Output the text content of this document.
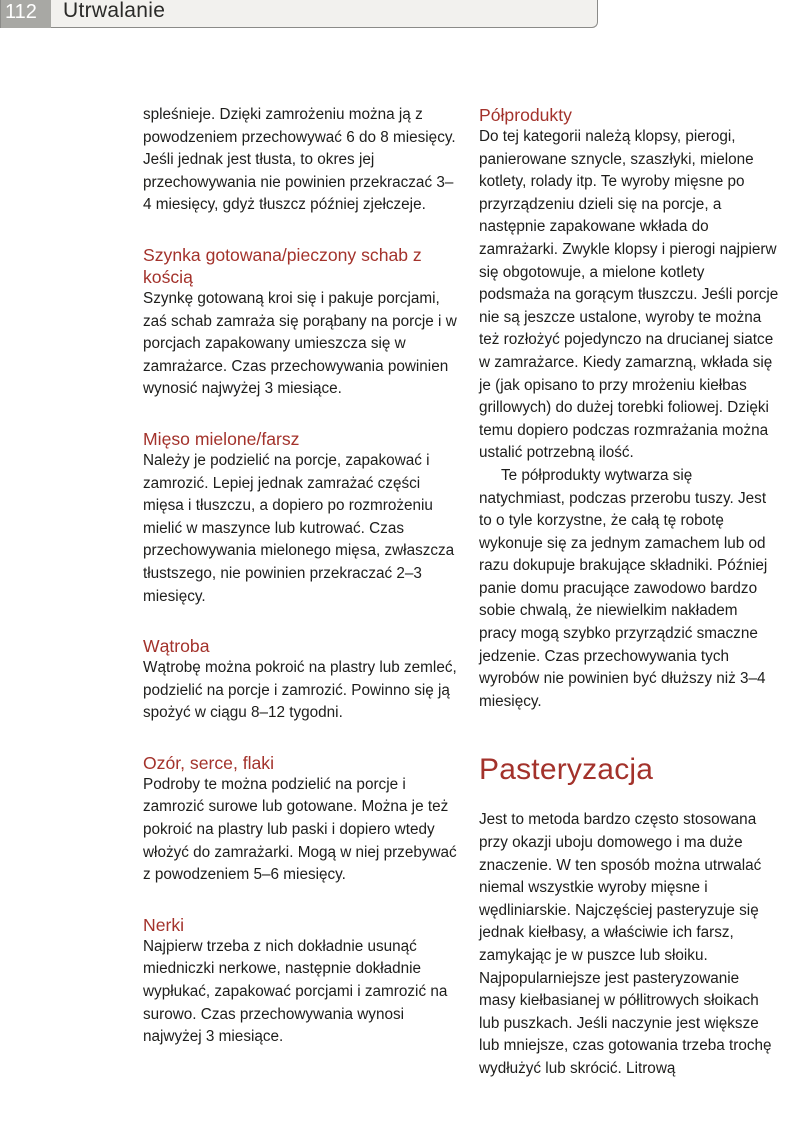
112	Utrwalanie

spleśnieje. Dzięki zamrożeniu można ją z powodzeniem przechowywać 6 do 8 miesięcy. Jeśli jednak jest tłusta, to okres jej przechowywania nie powinien przekraczać 3–4 miesięcy, gdyż tłuszcz później zjełczeje.

Szynka gotowana/pieczony schab z kością

Szynkę gotowaną kroi się i pakuje porcjami, zaś schab zamraża się porąbany na porcje i w porcjach zapakowany umieszcza się w zamrażarce. Czas przechowywania powinien wynosić najwyżej 3 miesiące.

Mięso mielone/farsz

Należy je podzielić na porcje, zapakować i zamrozić. Lepiej jednak zamrażać części mięsa i tłuszczu, a dopiero po rozmrożeniu mielić w maszynce lub kutrować. Czas przechowywania mielonego mięsa, zwłaszcza tłustszego, nie powinien przekraczać 2–3 miesięcy.

Wątroba

Wątrobę można pokroić na plastry lub zemleć, podzielić na porcje i zamrozić. Powinno się ją spożyć w ciągu 8–12 tygodni.

Ozór, serce, flaki

Podroby te można podzielić na porcje i zamrozić surowe lub gotowane. Można je też pokroić na plastry lub paski i dopiero wtedy włożyć do zamrażarki. Mogą w niej przebywać z powodzeniem 5–6 miesięcy.

Nerki

Najpierw trzeba z nich dokładnie usunąć miedniczki nerkowe, następnie dokładnie wypłukać, zapakować porcjami i zamrozić na surowo. Czas przechowywania wynosi najwyżej 3 miesiące.

Półprodukty

Do tej kategorii należą klopsy, pierogi, panierowane sznycle, szaszłyki, mielone kotlety, rolady itp. Te wyroby mięsne po przyrządzeniu dzieli się na porcje, a następnie zapakowane wkłada do zamrażarki. Zwykle klopsy i pierogi najpierw się obgotowuje, a mielone kotlety podsmaża na gorącym tłuszczu. Jeśli porcje nie są jeszcze ustalone, wyroby te można też rozłożyć pojedynczo na drucianej siatce w zamrażarce. Kiedy zamarzną, wkłada się je (jak opisano to przy mrożeniu kiełbas grillowych) do dużej torebki foliowej. Dzięki temu dopiero podczas rozmrażania można ustalić potrzebną ilość.

Te półprodukty wytwarza się natychmiast, podczas przerobu tuszy. Jest to o tyle korzystne, że całą tę robotę wykonuje się za jednym zamachem lub od razu dokupuje brakujące składniki. Później panie domu pracujące zawodowo bardzo sobie chwalą, że niewielkim nakładem pracy mogą szybko przyrządzić smaczne jedzenie. Czas przechowywania tych wyrobów nie powinien być dłuższy niż 3–4 miesięcy.

Pasteryzacja

Jest to metoda bardzo często stosowana przy okazji uboju domowego i ma duże znaczenie. W ten sposób można utrwalać niemal wszystkie wyroby mięsne i wędliniarskie. Najczęściej pasteryzuje się jednak kiełbasy, a właściwie ich farsz, zamykając je w puszce lub słoiku. Najpopularniejsze jest pasteryzowanie masy kiełbasianej w półlitrowych słoikach lub puszkach. Jeśli naczynie jest większe lub mniejsze, czas gotowania trzeba trochę wydłużyć lub skrócić. Litrową
